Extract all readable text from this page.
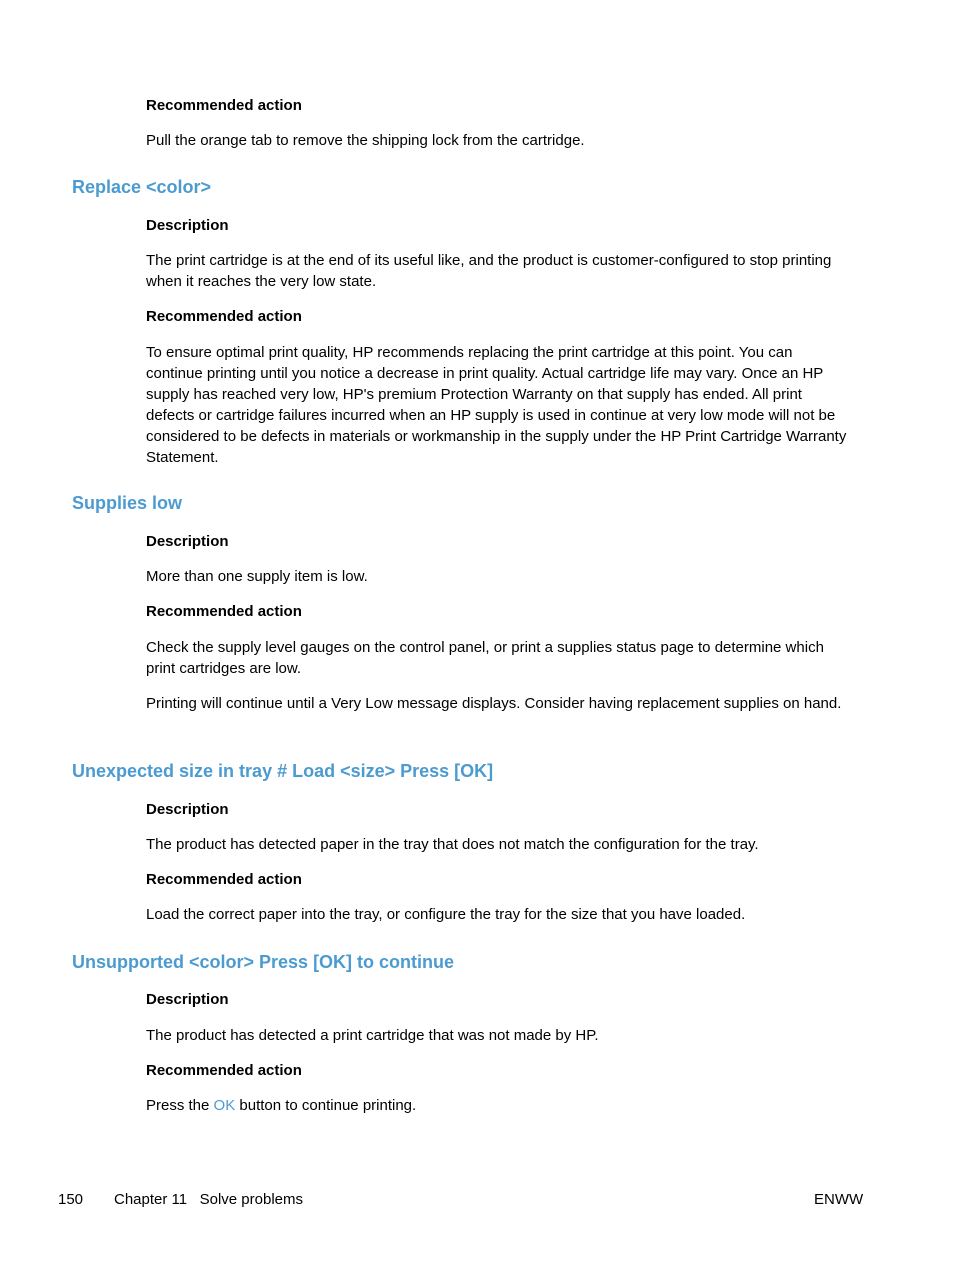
Recommended action

Pull the orange tab to remove the shipping lock from the cartridge.

Replace <color>

Description

The print cartridge is at the end of its useful like, and the product is customer-configured to stop printing when it reaches the very low state.

Recommended action

To ensure optimal print quality, HP recommends replacing the print cartridge at this point. You can continue printing until you notice a decrease in print quality. Actual cartridge life may vary. Once an HP supply has reached very low, HP's premium Protection Warranty on that supply has ended. All print defects or cartridge failures incurred when an HP supply is used in continue at very low mode will not be considered to be defects in materials or workmanship in the supply under the HP Print Cartridge Warranty Statement.

Supplies low

Description

More than one supply item is low.

Recommended action

Check the supply level gauges on the control panel, or print a supplies status page to determine which print cartridges are low.

Printing will continue until a Very Low message displays. Consider having replacement supplies on hand.

Unexpected size in tray # Load <size> Press [OK]

Description

The product has detected paper in the tray that does not match the configuration for the tray.

Recommended action

Load the correct paper into the tray, or configure the tray for the size that you have loaded.

Unsupported <color> Press [OK] to continue

Description

The product has detected a print cartridge that was not made by HP.

Recommended action

Press the OK button to continue printing.

150 Chapter 11   Solve problems	ENWW
